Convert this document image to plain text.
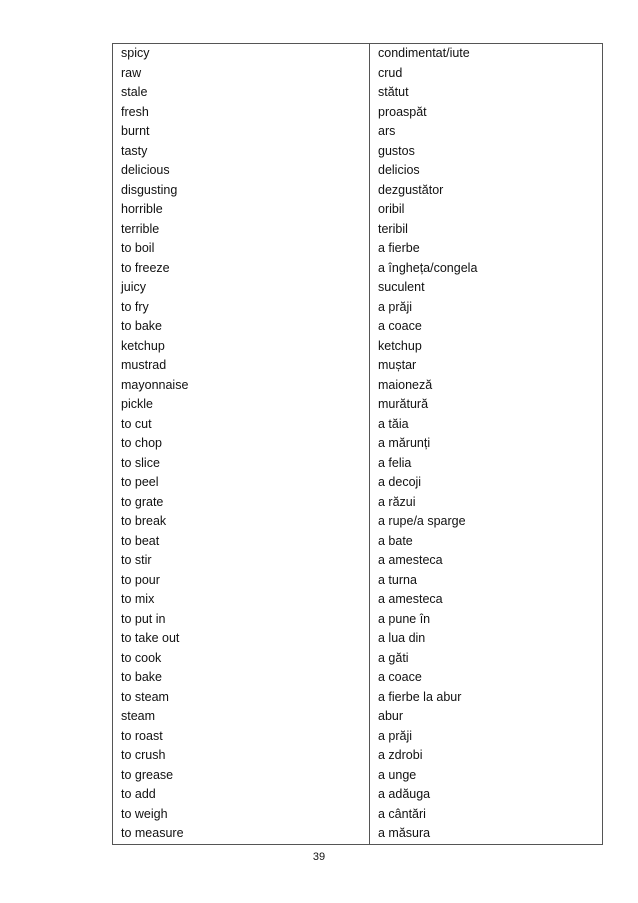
spicy	condimentat/iute
raw	crud
stale	stătut
fresh	proaspăt
burnt	ars
tasty	gustos
delicious	delicios
disgusting	dezgustător
horrible	oribil
terrible	teribil
to boil	a fierbe
to freeze	a îngheța/congela
juicy	suculent
to fry	a prăji
to bake	a coace
ketchup	ketchup
mustrad	muștar
mayonnaise	maioneză
pickle	murătură
to cut	a tăia
to chop	a mărunți
to slice	a felia
to peel	a decoji
to grate	a răzui
to break	a rupe/a sparge
to beat	a bate
to stir	a amesteca
to pour	a turna
to mix	a amesteca
to put in	a pune în
to take out	a lua din
to cook	a găti
to bake	a coace
to steam	a fierbe la abur
steam	abur
to roast	a prăji
to crush	a zdrobi
to grease	a unge
to add	a adăuga
to weigh	a cântări
to measure	a măsura
39
